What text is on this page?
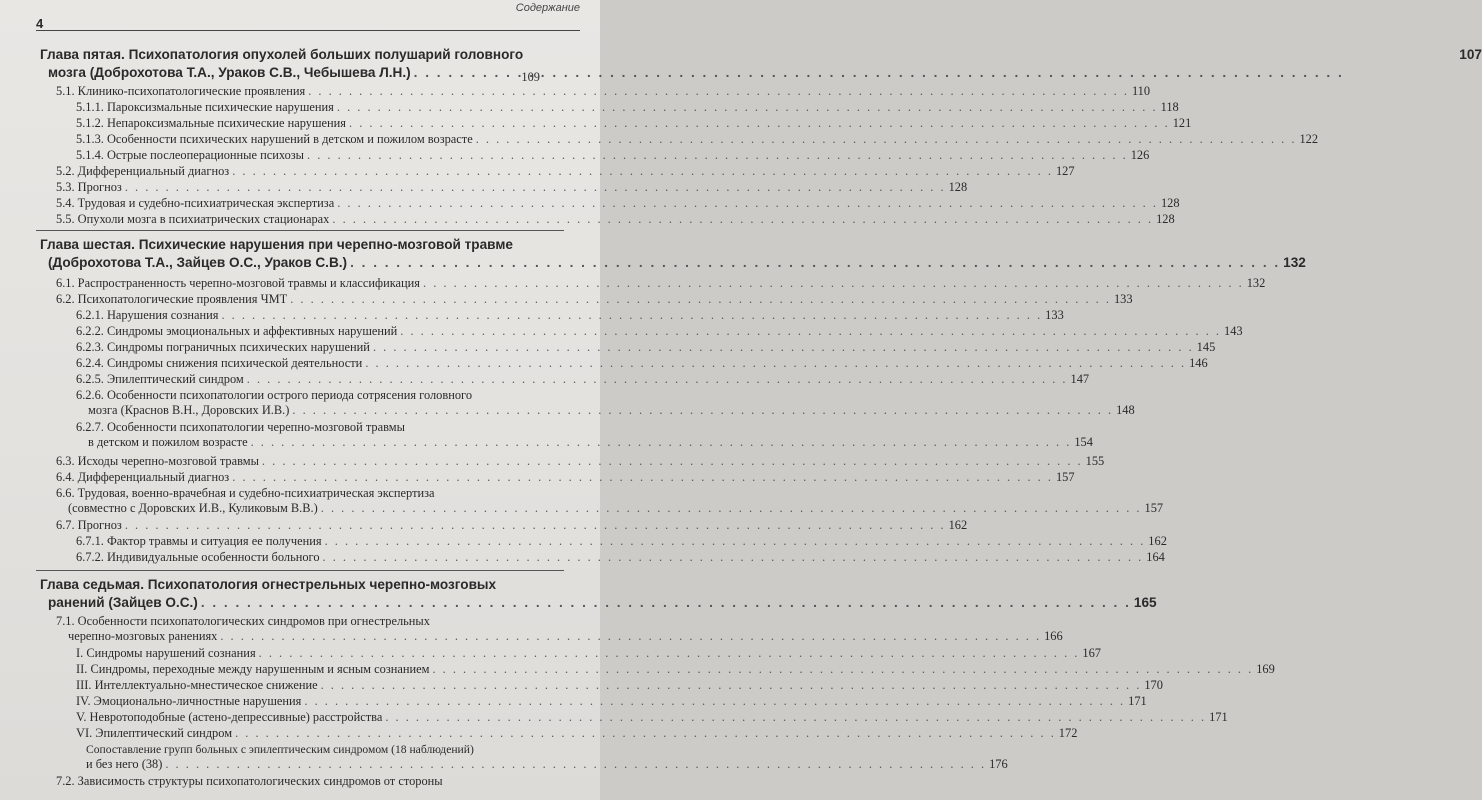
4
Содержание
Глава пятая. Психопатология опухолей больших полушарий головного	107
мозга (Доброхотова Т.А., Ураков С.В., Чебышева Л.Н.) . . .	109
5.1. Клинико-психопатологические проявления . . .	110
5.1.1. Пароксизмальные психические нарушения . . .	118
5.1.2. Непароксизмальные психические нарушения . . .	121
5.1.3. Особенности психических нарушений в детском и пожилом возрасте . . .	122
5.1.4. Острые послеоперационные психозы . . .	126
5.2. Дифференциальный диагноз . . .	127
5.3. Прогноз . . .	128
5.4. Трудовая и судебно-психиатрическая экспертиза . . .	128
5.5. Опухоли мозга в психиатрических стационарах . . .	128
Глава шестая. Психические нарушения при черепно-мозговой травме
(Доброхотова Т.А., Зайцев О.С., Ураков С.В.) . . .	132
6.1. Распространенность черепно-мозговой травмы и классификация . . .	132
6.2. Психопатологические проявления ЧМТ . . .	133
6.2.1. Нарушения сознания . . .	133
6.2.2. Синдромы эмоциональных и аффективных нарушений . . .	143
6.2.3. Синдромы пограничных психических нарушений . . .	145
6.2.4. Синдромы снижения психической деятельности . . .	146
6.2.5. Эпилептический синдром . . .	147
6.2.6. Особенности психопатологии острого периода сотрясения головного
мозга (Краснов В.Н., Доровских И.В.) . . .	148
6.2.7. Особенности психопатологии черепно-мозговой травмы
в детском и пожилом возрасте . . .	154
6.3. Исходы черепно-мозговой травмы . . .	155
6.4. Дифференциальный диагноз . . .	157
6.6. Трудовая, военно-врачебная и судебно-психиатрическая экспертиза
(совместно с Доровских И.В., Куликовым В.В.) . . .	157
6.7. Прогноз . . .	162
6.7.1. Фактор травмы и ситуация ее получения . . .	162
6.7.2. Индивидуальные особенности больного . . .	164
Глава седьмая. Психопатология огнестрельных черепно-мозговых
ранений (Зайцев О.С.) . . .	165
7.1. Особенности психопатологических синдромов при огнестрельных
черепно-мозговых ранениях . . .	166
I. Синдромы нарушений сознания . . .	167
II. Синдромы, переходные между нарушенным и ясным сознанием . . .	169
III. Интеллектуально-мнестическое снижение . . .	170
IV. Эмоционально-личностные нарушения . . .	171
V. Невротоподобные (астено-депрессивные) расстройства . . .	171
VI. Эпилептический синдром . . .	172
Сопоставление групп больных с эпилептическим синдромом (18 наблюдений)
и без него (38) . . .	176
7.2. Зависимость структуры психопатологических синдромов от стороны
